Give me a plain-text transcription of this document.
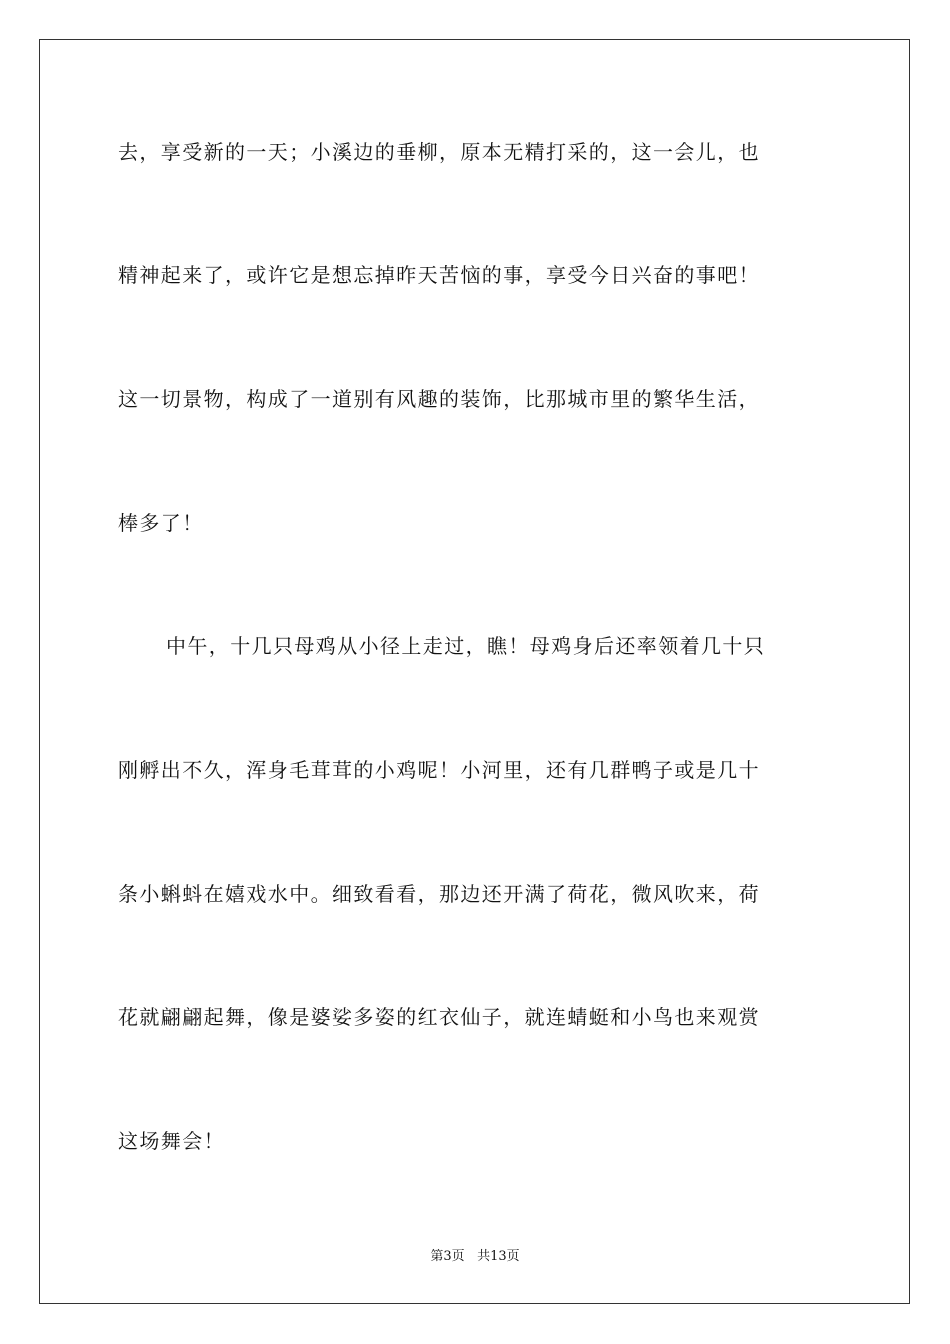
去，享受新的一天；小溪边的垂柳，原本无精打采的，这一会儿，也
精神起来了，或许它是想忘掉昨天苦恼的事，享受今日兴奋的事吧！
这一切景物，构成了一道别有风趣的装饰，比那城市里的繁华生活，
棒多了！
中午，十几只母鸡从小径上走过，瞧！母鸡身后还率领着几十只
刚孵出不久，浑身毛茸茸的小鸡呢！小河里，还有几群鸭子或是几十
条小蝌蚪在嬉戏水中。细致看看，那边还开满了荷花，微风吹来，荷
花就翩翩起舞，像是婆娑多姿的红衣仙子，就连蜻蜓和小鸟也来观赏
这场舞会！
第3页 共13页
